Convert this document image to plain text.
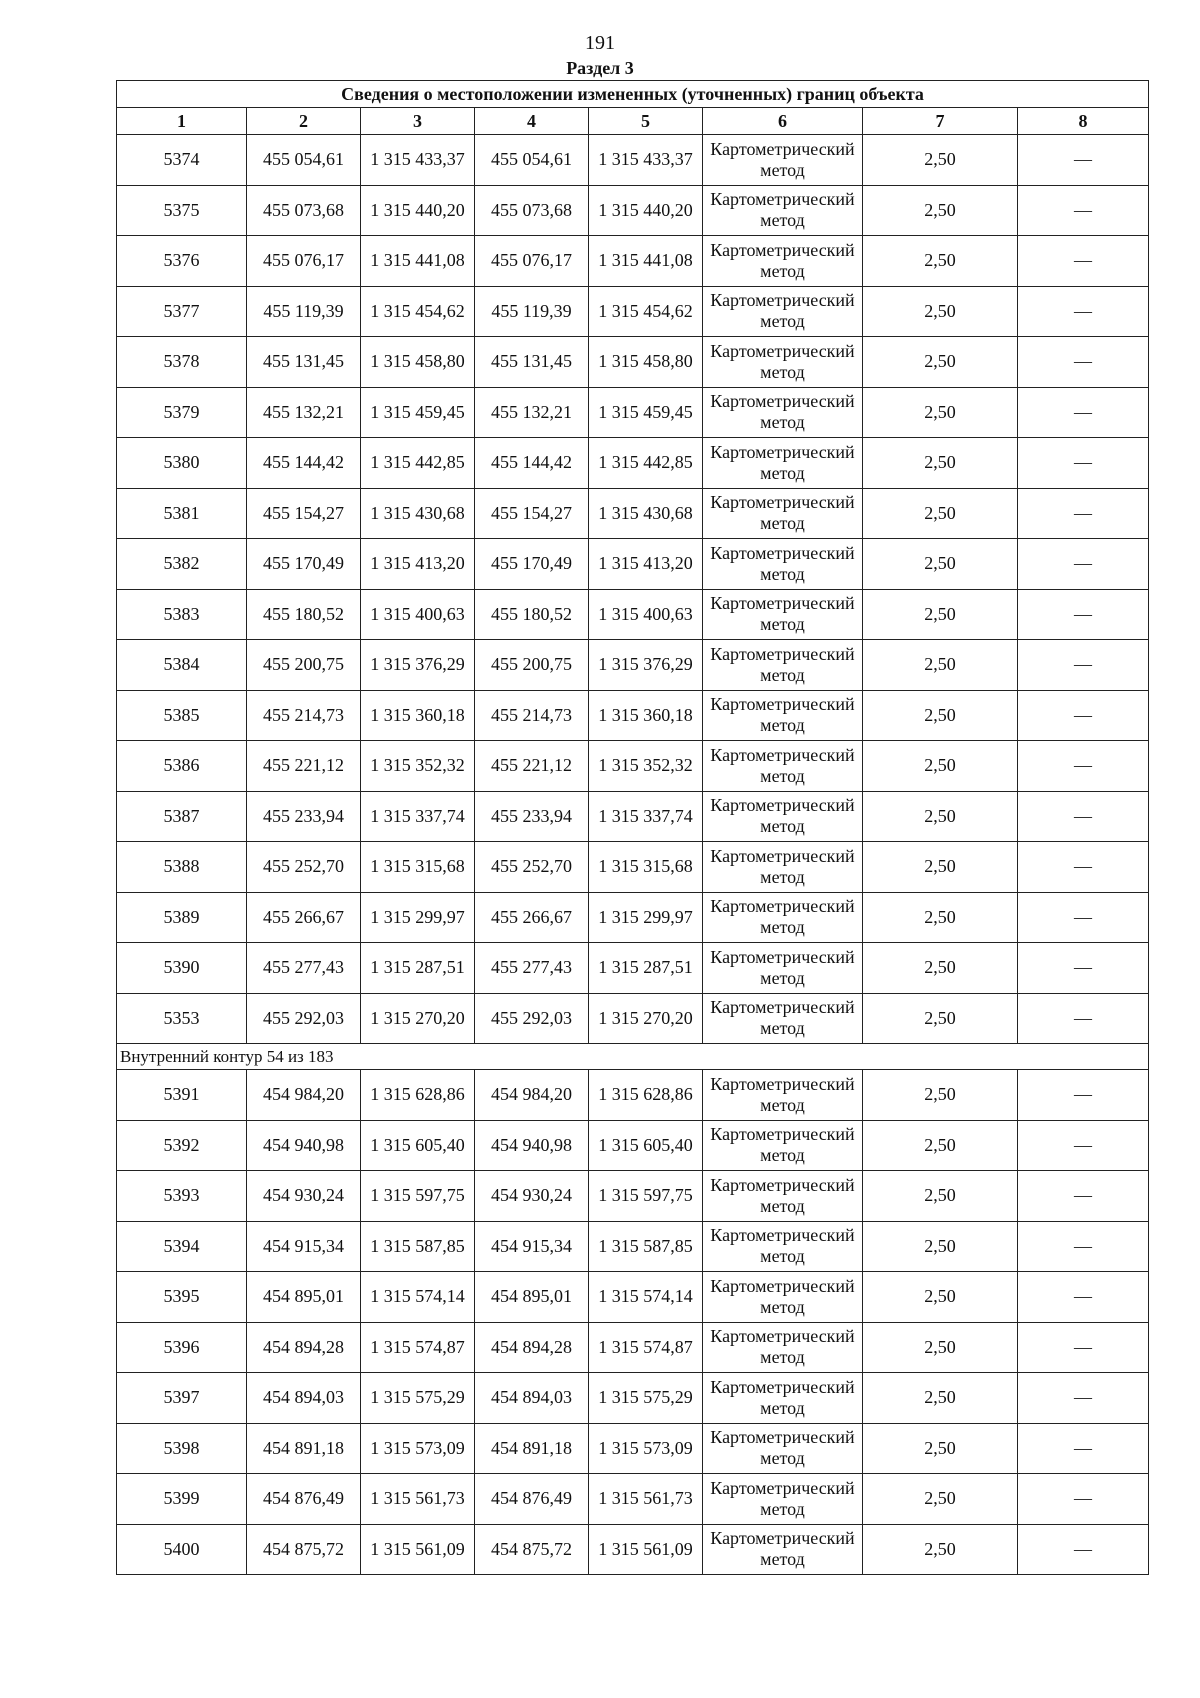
191
Раздел 3
Сведения о местоположении измененных (уточненных) границ объекта							
1	2	3	4	5	6	7	8
5374	455 054,61	1 315 433,37	455 054,61	1 315 433,37	Картометрический метод	2,50	—
5375	455 073,68	1 315 440,20	455 073,68	1 315 440,20	Картометрический метод	2,50	—
5376	455 076,17	1 315 441,08	455 076,17	1 315 441,08	Картометрический метод	2,50	—
5377	455 119,39	1 315 454,62	455 119,39	1 315 454,62	Картометрический метод	2,50	—
5378	455 131,45	1 315 458,80	455 131,45	1 315 458,80	Картометрический метод	2,50	—
5379	455 132,21	1 315 459,45	455 132,21	1 315 459,45	Картометрический метод	2,50	—
5380	455 144,42	1 315 442,85	455 144,42	1 315 442,85	Картометрический метод	2,50	—
5381	455 154,27	1 315 430,68	455 154,27	1 315 430,68	Картометрический метод	2,50	—
5382	455 170,49	1 315 413,20	455 170,49	1 315 413,20	Картометрический метод	2,50	—
5383	455 180,52	1 315 400,63	455 180,52	1 315 400,63	Картометрический метод	2,50	—
5384	455 200,75	1 315 376,29	455 200,75	1 315 376,29	Картометрический метод	2,50	—
5385	455 214,73	1 315 360,18	455 214,73	1 315 360,18	Картометрический метод	2,50	—
5386	455 221,12	1 315 352,32	455 221,12	1 315 352,32	Картометрический метод	2,50	—
5387	455 233,94	1 315 337,74	455 233,94	1 315 337,74	Картометрический метод	2,50	—
5388	455 252,70	1 315 315,68	455 252,70	1 315 315,68	Картометрический метод	2,50	—
5389	455 266,67	1 315 299,97	455 266,67	1 315 299,97	Картометрический метод	2,50	—
5390	455 277,43	1 315 287,51	455 277,43	1 315 287,51	Картометрический метод	2,50	—
5353	455 292,03	1 315 270,20	455 292,03	1 315 270,20	Картометрический метод	2,50	—
Внутренний контур 54 из 183							
5391	454 984,20	1 315 628,86	454 984,20	1 315 628,86	Картометрический метод	2,50	—
5392	454 940,98	1 315 605,40	454 940,98	1 315 605,40	Картометрический метод	2,50	—
5393	454 930,24	1 315 597,75	454 930,24	1 315 597,75	Картометрический метод	2,50	—
5394	454 915,34	1 315 587,85	454 915,34	1 315 587,85	Картометрический метод	2,50	—
5395	454 895,01	1 315 574,14	454 895,01	1 315 574,14	Картометрический метод	2,50	—
5396	454 894,28	1 315 574,87	454 894,28	1 315 574,87	Картометрический метод	2,50	—
5397	454 894,03	1 315 575,29	454 894,03	1 315 575,29	Картометрический метод	2,50	—
5398	454 891,18	1 315 573,09	454 891,18	1 315 573,09	Картометрический метод	2,50	—
5399	454 876,49	1 315 561,73	454 876,49	1 315 561,73	Картометрический метод	2,50	—
5400	454 875,72	1 315 561,09	454 875,72	1 315 561,09	Картометрический метод	2,50	—
